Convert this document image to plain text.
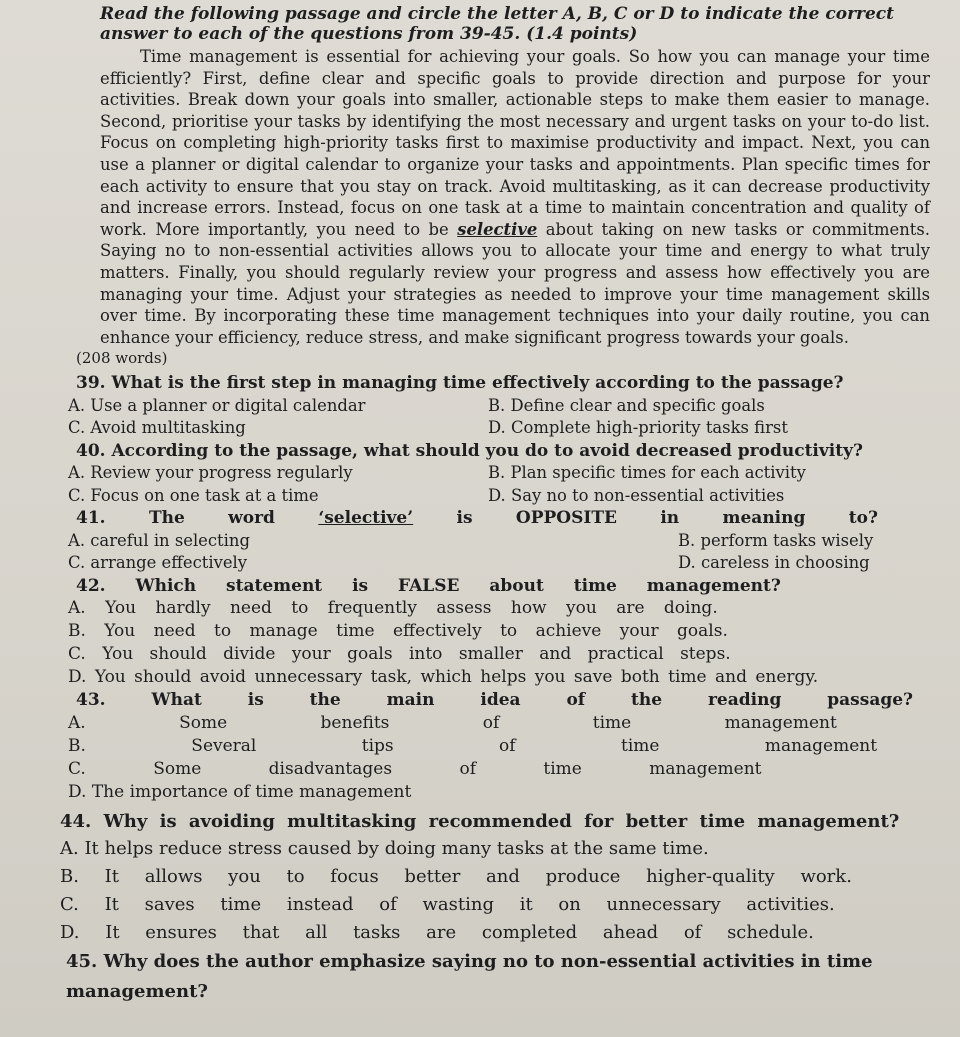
Read the following passage and circle the letter A, B, C or D to indicate the correct answer to each of the questions from 39-45. (1.4 points)
Time management is essential for achieving your goals. So how you can manage your time efficiently? First, define clear and specific goals to provide direction and purpose for your activities. Break down your goals into smaller, actionable steps to make them easier to manage. Second, prioritise your tasks by identifying the most necessary and urgent tasks on your to-do list. Focus on completing high-priority tasks first to maximise productivity and impact. Next, you can use a planner or digital calendar to organize your tasks and appointments. Plan specific times for each activity to ensure that you stay on track. Avoid multitasking, as it can decrease productivity and increase errors. Instead, focus on one task at a time to maintain concentration and quality of work. More importantly, you need to be selective about taking on new tasks or commitments. Saying no to non-essential activities allows you to allocate your time and energy to what truly matters. Finally, you should regularly review your progress and assess how effectively you are managing your time. Adjust your strategies as needed to improve your time management skills over time. By incorporating these time management techniques into your daily routine, you can enhance your efficiency, reduce stress, and make significant progress towards your goals.
(208 words)
39. What is the first step in managing time effectively according to the passage?
A. Use a planner or digital calendar	B. Define clear and specific goals
C. Avoid multitasking	D. Complete high-priority tasks first
40. According to the passage, what should you do to avoid decreased productivity?
A. Review your progress regularly	B. Plan specific times for each activity
C. Focus on one task at a time	D. Say no to non-essential activities
41.	The	word	‘selective’	is	OPPOSITE	in	meaning	to?
A. careful in selecting	B. perform tasks wisely
C. arrange effectively	D. careless in choosing
42. Which statement is FALSE about time management?
A. You hardly need to frequently assess how you are doing.
B. You need to manage time effectively to achieve your goals.
C. You should divide your goals into smaller and practical steps.
D. You should avoid unnecessary task, which helps you save both time and energy.
43. What is the main idea of the reading passage?
A. Some benefits of time management
B. Several tips of time management
C. Some disadvantages of time management
D. The importance of time management
44. Why is avoiding multitasking recommended for better time management?
A. It helps reduce stress caused by doing many tasks at the same time.
B. It allows you to focus better and produce higher-quality work.
C. It saves time instead of wasting it on unnecessary activities.
D. It ensures that all tasks are completed ahead of schedule.
45. Why does the author emphasize saying no to non-essential activities in time management?
